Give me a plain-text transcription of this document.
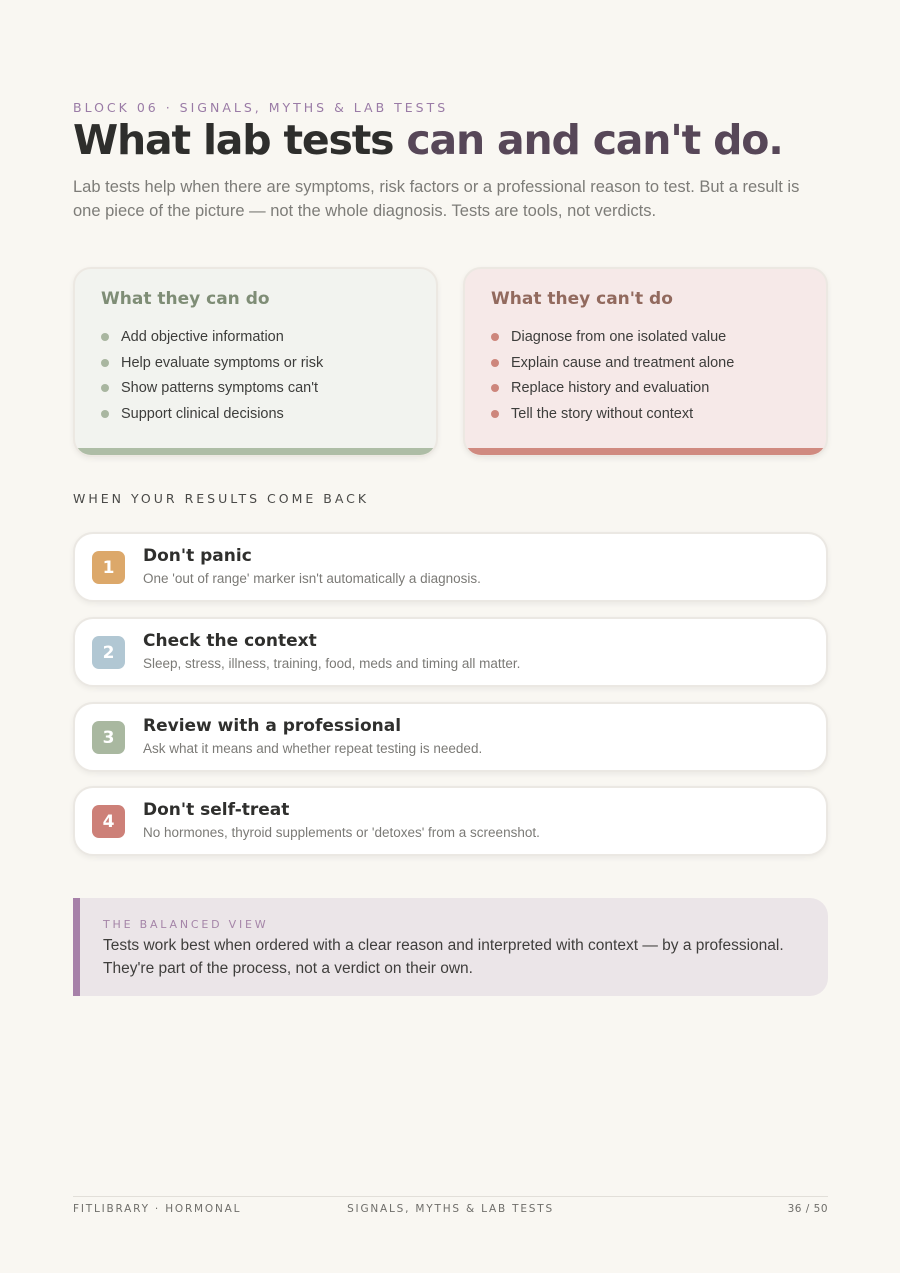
BLOCK 06 · SIGNALS, MYTHS & LAB TESTS
What lab tests can and can't do.

Lab tests help when there are symptoms, risk factors or a professional reason to test. But a result is one piece of the picture — not the whole diagnosis. Tests are tools, not verdicts.

What they can do
Add objective information
Help evaluate symptoms or risk
Show patterns symptoms can't
Support clinical decisions
What they can't do
Diagnose from one isolated value
Explain cause and treatment alone
Replace history and evaluation
Tell the story without context
WHEN YOUR RESULTS COME BACK
1
Don't panic

One 'out of range' marker isn't automatically a diagnosis.

2
Check the context

Sleep, stress, illness, training, food, meds and timing all matter.

3
Review with a professional

Ask what it means and whether repeat testing is needed.

4
Don't self-treat

No hormones, thyroid supplements or 'detoxes' from a screenshot.

THE BALANCED VIEW
Tests work best when ordered with a clear reason and interpreted with context — by a professional. They're part of the process, not a verdict on their own.
FITLIBRARY · HORMONAL	SIGNALS, MYTHS & LAB TESTS	36 / 50
